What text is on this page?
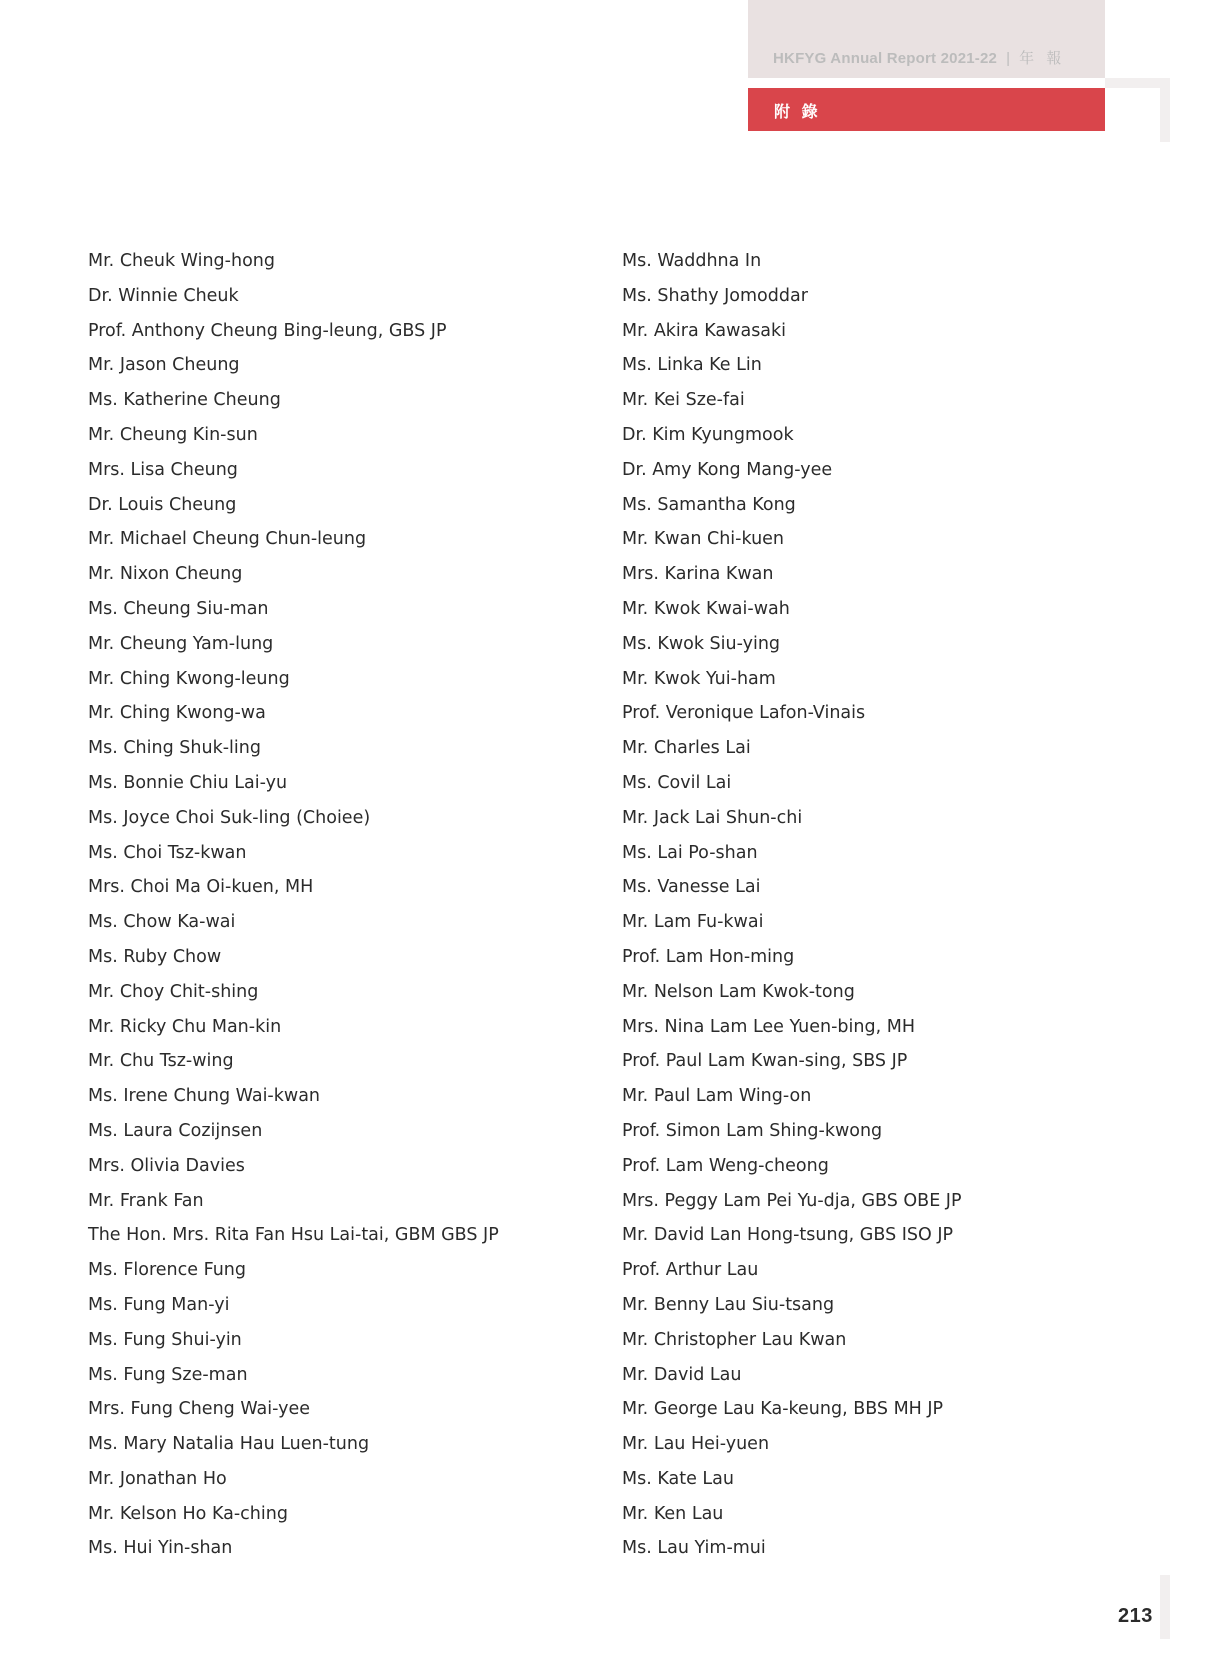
HKFYG Annual Report 2021-22 | 年 報
附 錄
Mr. Cheuk Wing-hong
Dr. Winnie Cheuk
Prof. Anthony Cheung Bing-leung, GBS JP
Mr. Jason Cheung
Ms. Katherine Cheung
Mr. Cheung Kin-sun
Mrs. Lisa Cheung
Dr. Louis Cheung
Mr. Michael Cheung Chun-leung
Mr. Nixon Cheung
Ms. Cheung Siu-man
Mr. Cheung Yam-lung
Mr. Ching Kwong-leung
Mr. Ching Kwong-wa
Ms. Ching Shuk-ling
Ms. Bonnie Chiu Lai-yu
Ms. Joyce Choi Suk-ling (Choiee)
Ms. Choi Tsz-kwan
Mrs. Choi Ma Oi-kuen, MH
Ms. Chow Ka-wai
Ms. Ruby Chow
Mr. Choy Chit-shing
Mr. Ricky Chu Man-kin
Mr. Chu Tsz-wing
Ms. Irene Chung Wai-kwan
Ms. Laura Cozijnsen
Mrs. Olivia Davies
Mr. Frank Fan
The Hon. Mrs. Rita Fan Hsu Lai-tai, GBM GBS JP
Ms. Florence Fung
Ms. Fung Man-yi
Ms. Fung Shui-yin
Ms. Fung Sze-man
Mrs. Fung Cheng Wai-yee
Ms. Mary Natalia Hau Luen-tung
Mr. Jonathan Ho
Mr. Kelson Ho Ka-ching
Ms. Hui Yin-shan
Ms. Waddhna In
Ms. Shathy Jomoddar
Mr. Akira Kawasaki
Ms. Linka Ke Lin
Mr. Kei Sze-fai
Dr. Kim Kyungmook
Dr. Amy Kong Mang-yee
Ms. Samantha Kong
Mr. Kwan Chi-kuen
Mrs. Karina Kwan
Mr. Kwok Kwai-wah
Ms. Kwok Siu-ying
Mr. Kwok Yui-ham
Prof. Veronique Lafon-Vinais
Mr. Charles Lai
Ms. Covil Lai
Mr. Jack Lai Shun-chi
Ms. Lai Po-shan
Ms. Vanesse Lai
Mr. Lam Fu-kwai
Prof. Lam Hon-ming
Mr. Nelson Lam Kwok-tong
Mrs. Nina Lam Lee Yuen-bing, MH
Prof. Paul Lam Kwan-sing, SBS JP
Mr. Paul Lam Wing-on
Prof. Simon Lam Shing-kwong
Prof. Lam Weng-cheong
Mrs. Peggy Lam Pei Yu-dja, GBS OBE JP
Mr. David Lan Hong-tsung, GBS ISO JP
Prof. Arthur Lau
Mr. Benny Lau Siu-tsang
Mr. Christopher Lau Kwan
Mr. David Lau
Mr. George Lau Ka-keung, BBS MH JP
Mr. Lau Hei-yuen
Ms. Kate Lau
Mr. Ken Lau
Ms. Lau Yim-mui
213
